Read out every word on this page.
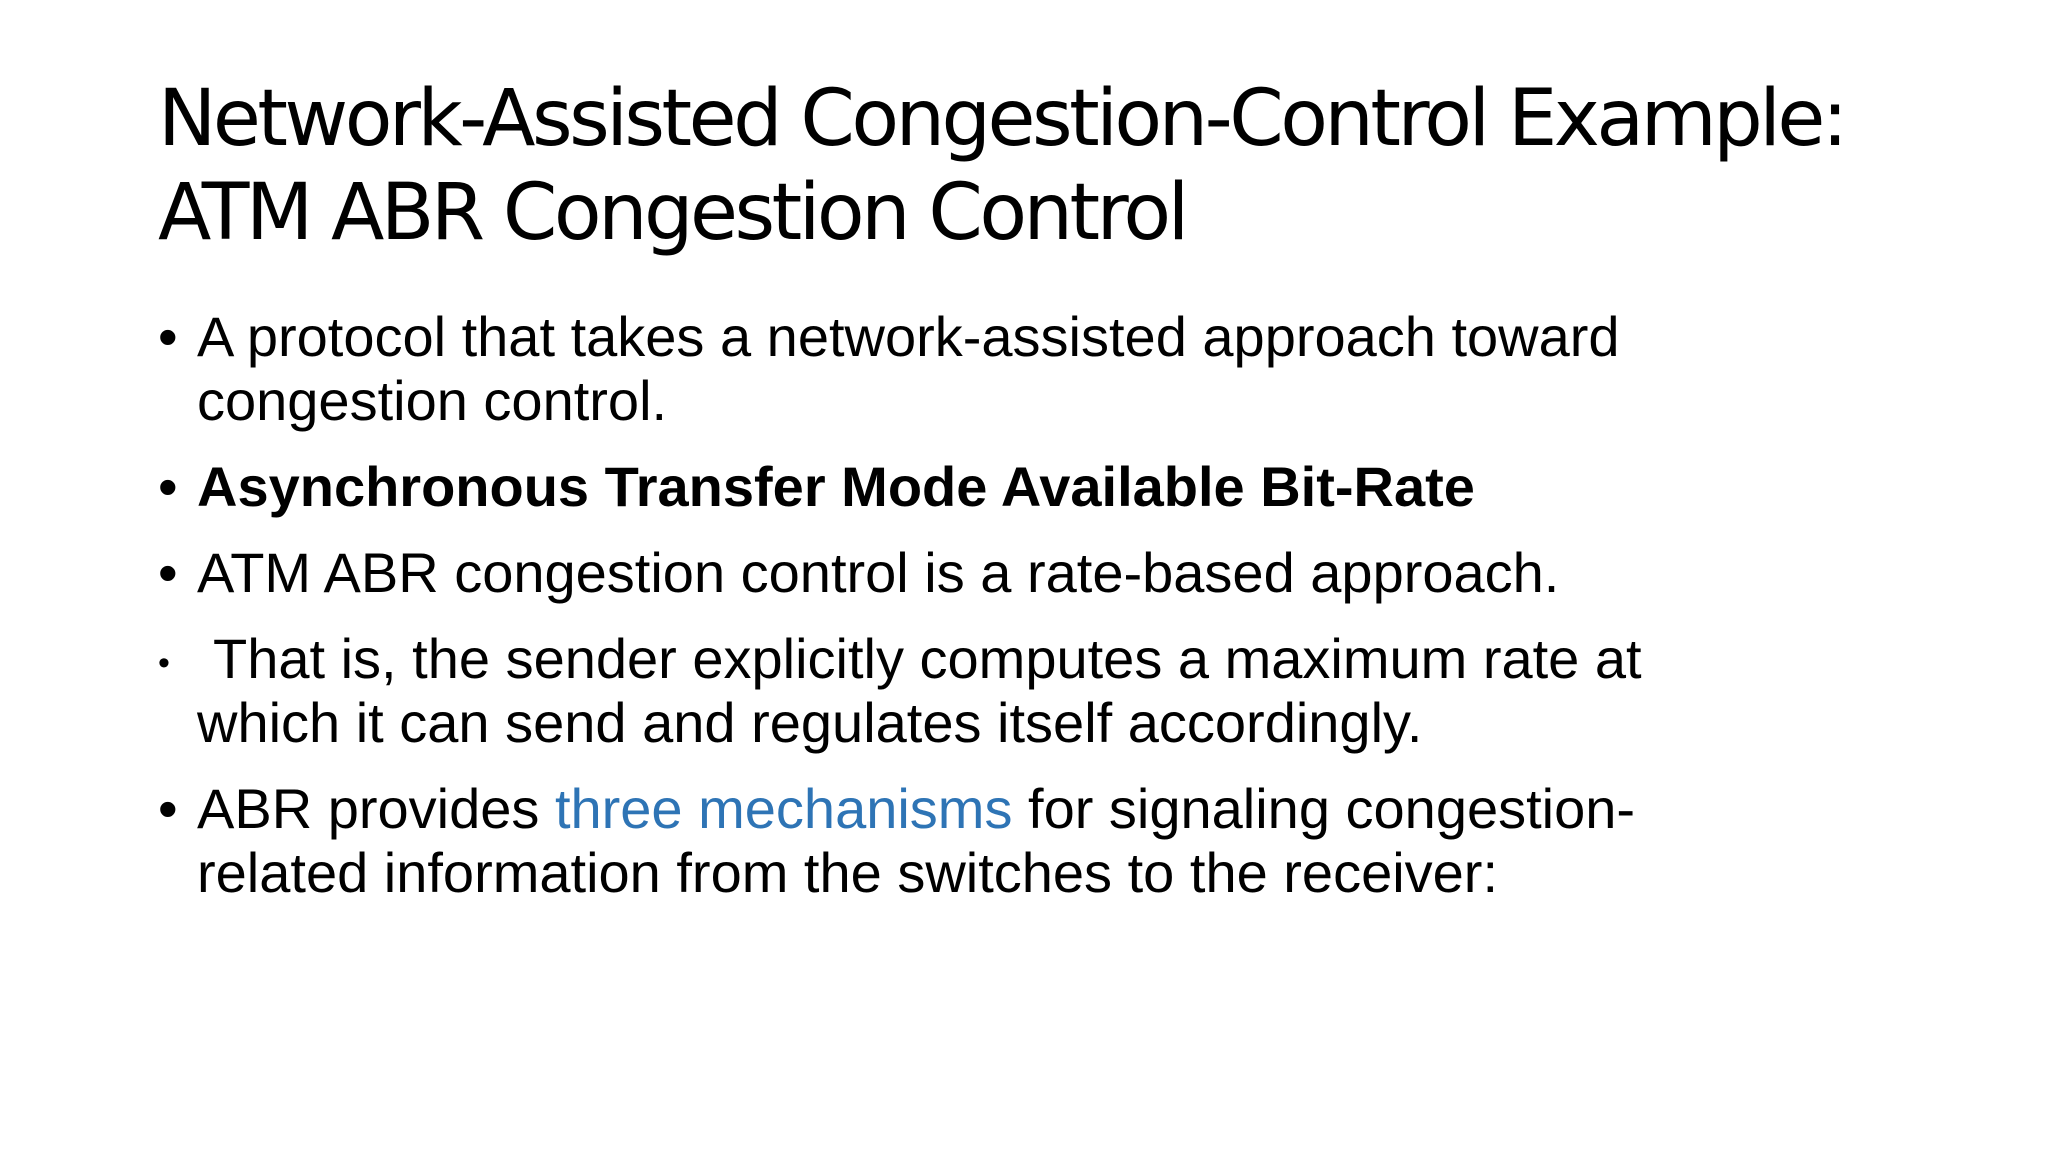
Network-Assisted Congestion-Control Example:
ATM ABR Congestion Control
• A protocol that takes a network-assisted approach toward congestion control.
• Asynchronous Transfer Mode Available Bit-Rate
• ATM ABR congestion control is a rate-based approach.
• That is, the sender explicitly computes a maximum rate at which it can send and regulates itself accordingly.
• ABR provides three mechanisms for signaling congestion-related information from the switches to the receiver:
